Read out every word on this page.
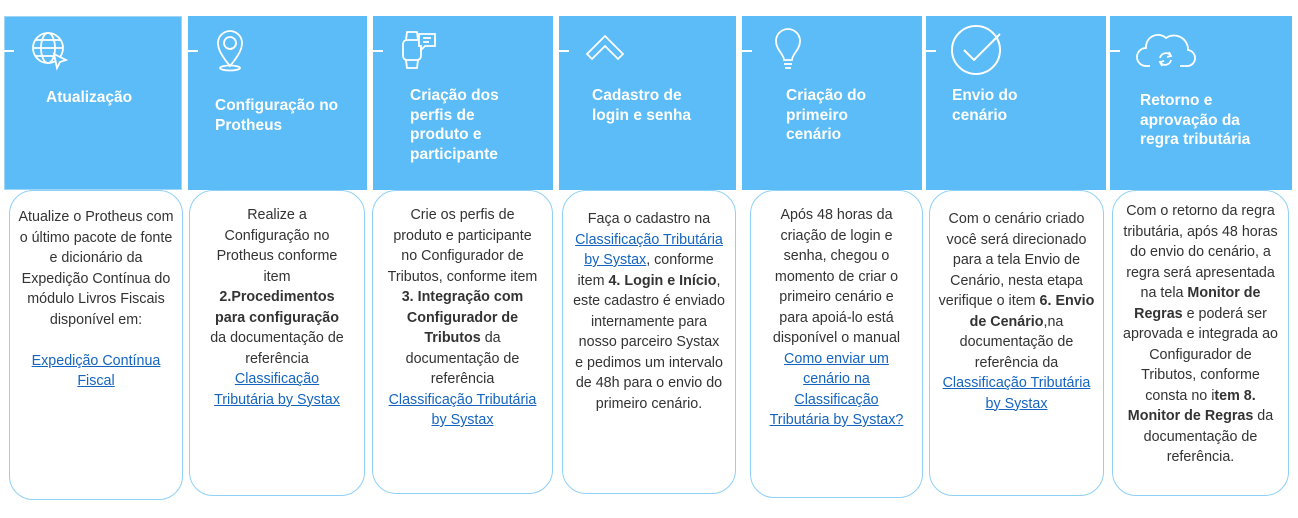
Atualização	Configuração no Protheus
Criação dos perfis de produto e participante
Cadastro de login e senha
Criação do primeiro cenário
Envio do cenário
Retorno e aprovação da regra tributária
Atualize o Protheus com o último pacote de fonte e dicionário da Expedição Contínua do módulo Livros Fiscais disponível em:

Expedição Contínua Fiscal
Realize a Configuração no Protheus conforme item 2.Procedimentos para configuração da documentação de referência Classificação Tributária by Systax
Crie os perfis de produto e participante no Configurador de Tributos, conforme item 3. Integração com Configurador de Tributos da documentação de referência Classificação Tributária by Systax
Faça o cadastro na Classificação Tributária by Systax, conforme item 4. Login e Início, este cadastro é enviado internamente para nosso parceiro Systax e pedimos um intervalo de 48h para o envio do primeiro cenário.
Após 48 horas da criação de login e senha, chegou o momento de criar o primeiro cenário e para apoiá-lo está disponível o manual Como enviar um cenário na Classificação Tributária by Systax?
Com o cenário criado você será direcionado para a tela Envio de Cenário, nesta etapa verifique o item 6. Envio de Cenário,na documentação de referência da Classificação Tributária by Systax
Com o retorno da regra tributária, após 48 horas do envio do cenário, a regra será apresentada na tela Monitor de Regras e poderá ser aprovada e integrada ao Configurador de Tributos, conforme consta no item 8. Monitor de Regras da documentação de referência.
